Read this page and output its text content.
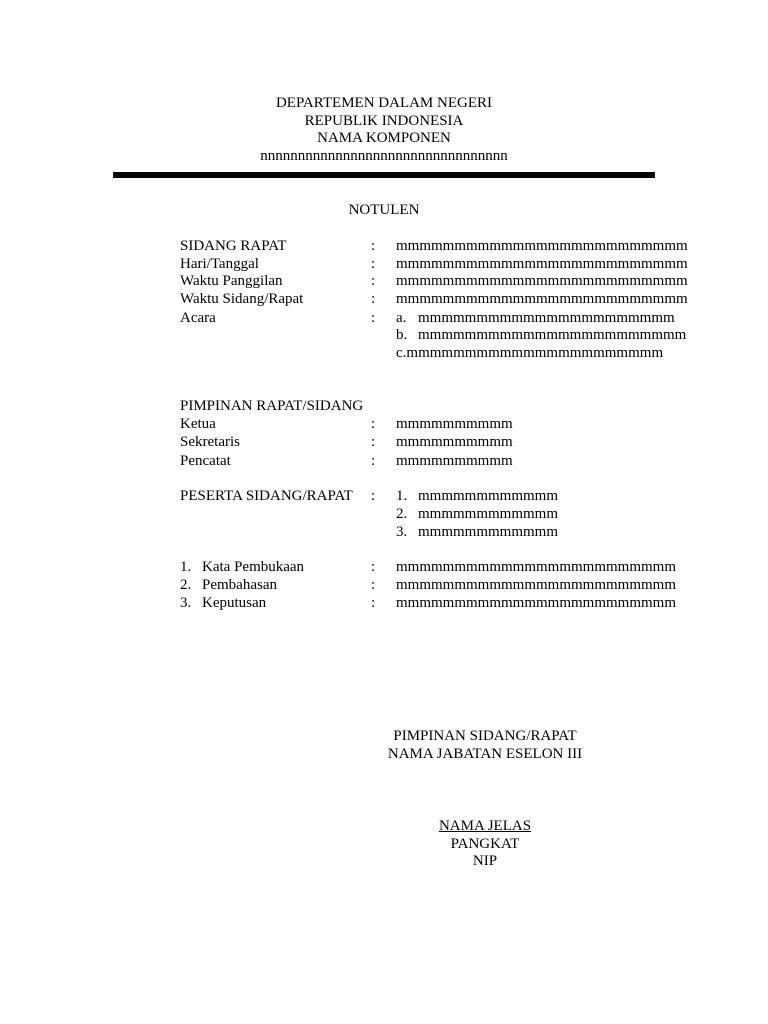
DEPARTEMEN DALAM NEGERI
REPUBLIK INDONESIA
NAMA KOMPONEN
nnnnnnnnnnnnnnnnnnnnnnnnnnnnnnnnn
NOTULEN
SIDANG RAPAT	: mmmmmmmmmmmmmmmmmmmmmmmmm
Hari/Tanggal	: mmmmmmmmmmmmmmmmmmmmmmmmm
Waktu Panggilan	: mmmmmmmmmmmmmmmmmmmmmmmmm
Waktu Sidang/Rapat	: mmmmmmmmmmmmmmmmmmmmmmmmm
Acara	: a. mmmmmmmmmmmmmmmmmmmmmm
b. mmmmmmmmmmmmmmmmmmmmmmm
c.mmmmmmmmmmmmmmmmmmmmmm
PIMPINAN RAPAT/SIDANG
Ketua	: mmmmmmmmmm
Sekretaris	: mmmmmmmmmm
Pencatat	: mmmmmmmmmm
PESERTA SIDANG/RAPAT : 1. mmmmmmmmmmmm
2. mmmmmmmmmmmm
3. mmmmmmmmmmmm
1. Kata Pembukaan	: mmmmmmmmmmmmmmmmmmmmmmmm
2. Pembahasan	: mmmmmmmmmmmmmmmmmmmmmmmm
3. Keputusan	: mmmmmmmmmmmmmmmmmmmmmmmm
PIMPINAN SIDANG/RAPAT
NAMA JABATAN ESELON III
NAMA JELAS
PANGKAT
NIP
